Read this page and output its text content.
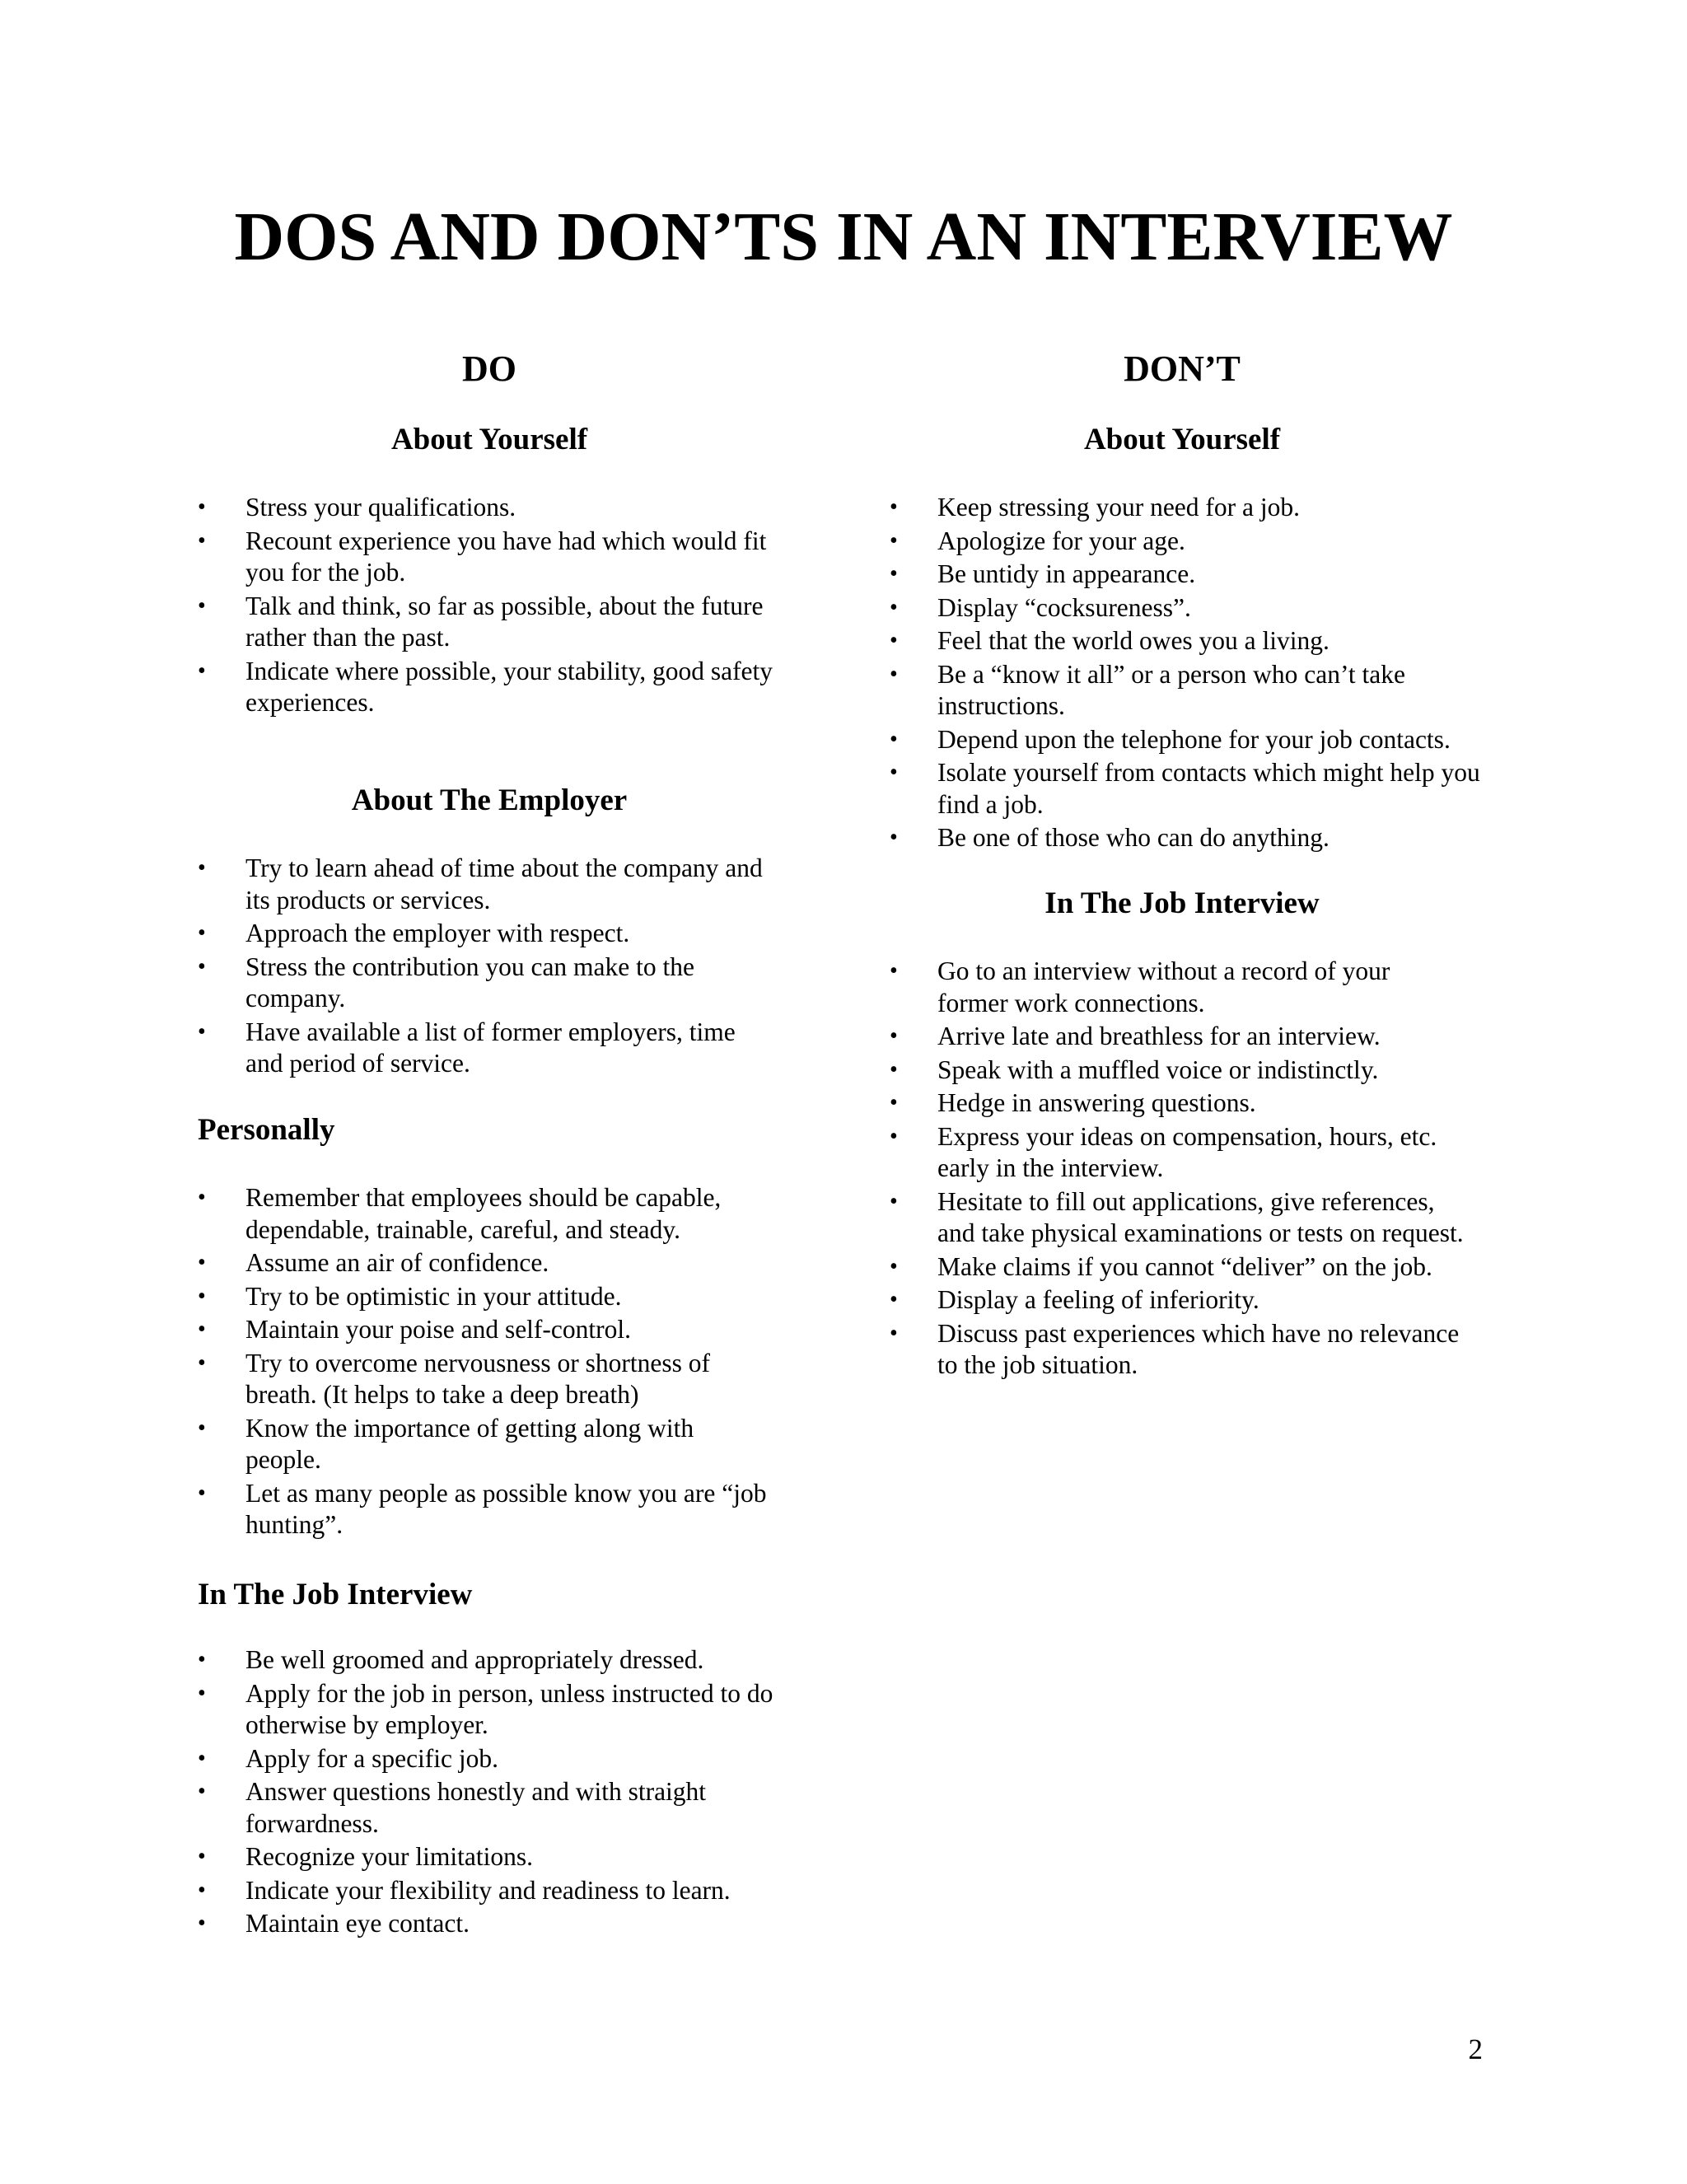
DOS AND DON’TS IN AN INTERVIEW
DO
About Yourself
• Stress your qualifications.
• Recount experience you have had which would fit you for the job.
• Talk and think, so far as possible, about the future rather than the past.
• Indicate where possible, your stability, good safety experiences.
About The Employer
• Try to learn ahead of time about the company and its products or services.
• Approach the employer with respect.
• Stress the contribution you can make to the company.
• Have available a list of former employers, time and period of service.
Personally
• Remember that employees should be capable, dependable, trainable, careful, and steady.
• Assume an air of confidence.
• Try to be optimistic in your attitude.
• Maintain your poise and self-control.
• Try to overcome nervousness or shortness of breath. (It helps to take a deep breath)
• Know the importance of getting along with people.
• Let as many people as possible know you are “job hunting”.
In The Job Interview
• Be well groomed and appropriately dressed.
• Apply for the job in person, unless instructed to do otherwise by employer.
• Apply for a specific job.
• Answer questions honestly and with straight forwardness.
• Recognize your limitations.
• Indicate your flexibility and readiness to learn.
• Maintain eye contact.
DON’T
About Yourself
• Keep stressing your need for a job.
• Apologize for your age.
• Be untidy in appearance.
• Display “cocksureness”.
• Feel that the world owes you a living.
• Be a “know it all” or a person who can’t take instructions.
• Depend upon the telephone for your job contacts.
• Isolate yourself from contacts which might help you find a job.
• Be one of those who can do anything.
In The Job Interview
• Go to an interview without a record of your former work connections.
• Arrive late and breathless for an interview.
• Speak with a muffled voice or indistinctly.
• Hedge in answering questions.
• Express your ideas on compensation, hours, etc. early in the interview.
• Hesitate to fill out applications, give references, and take physical examinations or tests on request.
• Make claims if you cannot “deliver” on the job.
• Display a feeling of inferiority.
• Discuss past experiences which have no relevance to the job situation.
2
